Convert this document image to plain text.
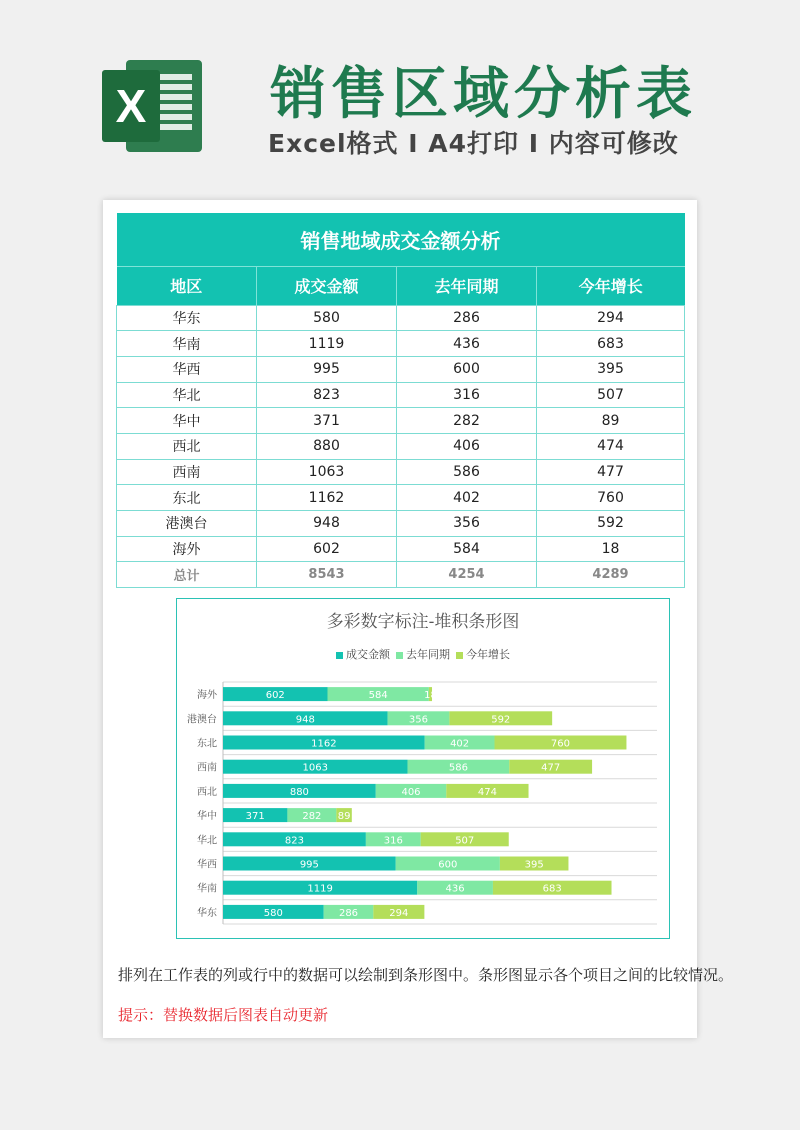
X 销售区域分析表
Excel格式 I A4打印 I 内容可修改
销售地域成交金额分析			
地区	成交金额	去年同期	今年增长
华东	580	286	294
华南	1119	436	683
华西	995	600	395
华北	823	316	507
华中	371	282	89
西北	880	406	474
西南	1063	586	477
东北	1162	402	760
港澳台	948	356	592
海外	602	584	18
总计	8543	4254	4289
多彩数字标注-堆积条形图
成交金额 去年同期 今年增长
海外	602	584	18
港澳台	948	356	592
东北	1162	402	760
西南	1063	586	477
西北	880	406	474
华中	371	282 89
华北	823	316	507
华西	995	600	395
华南	1119	436	683
华东	580	286	294
排列在工作表的列或行中的数据可以绘制到条形图中。条形图显示各个项目之间的比较情况。
提示：替换数据后图表自动更新
